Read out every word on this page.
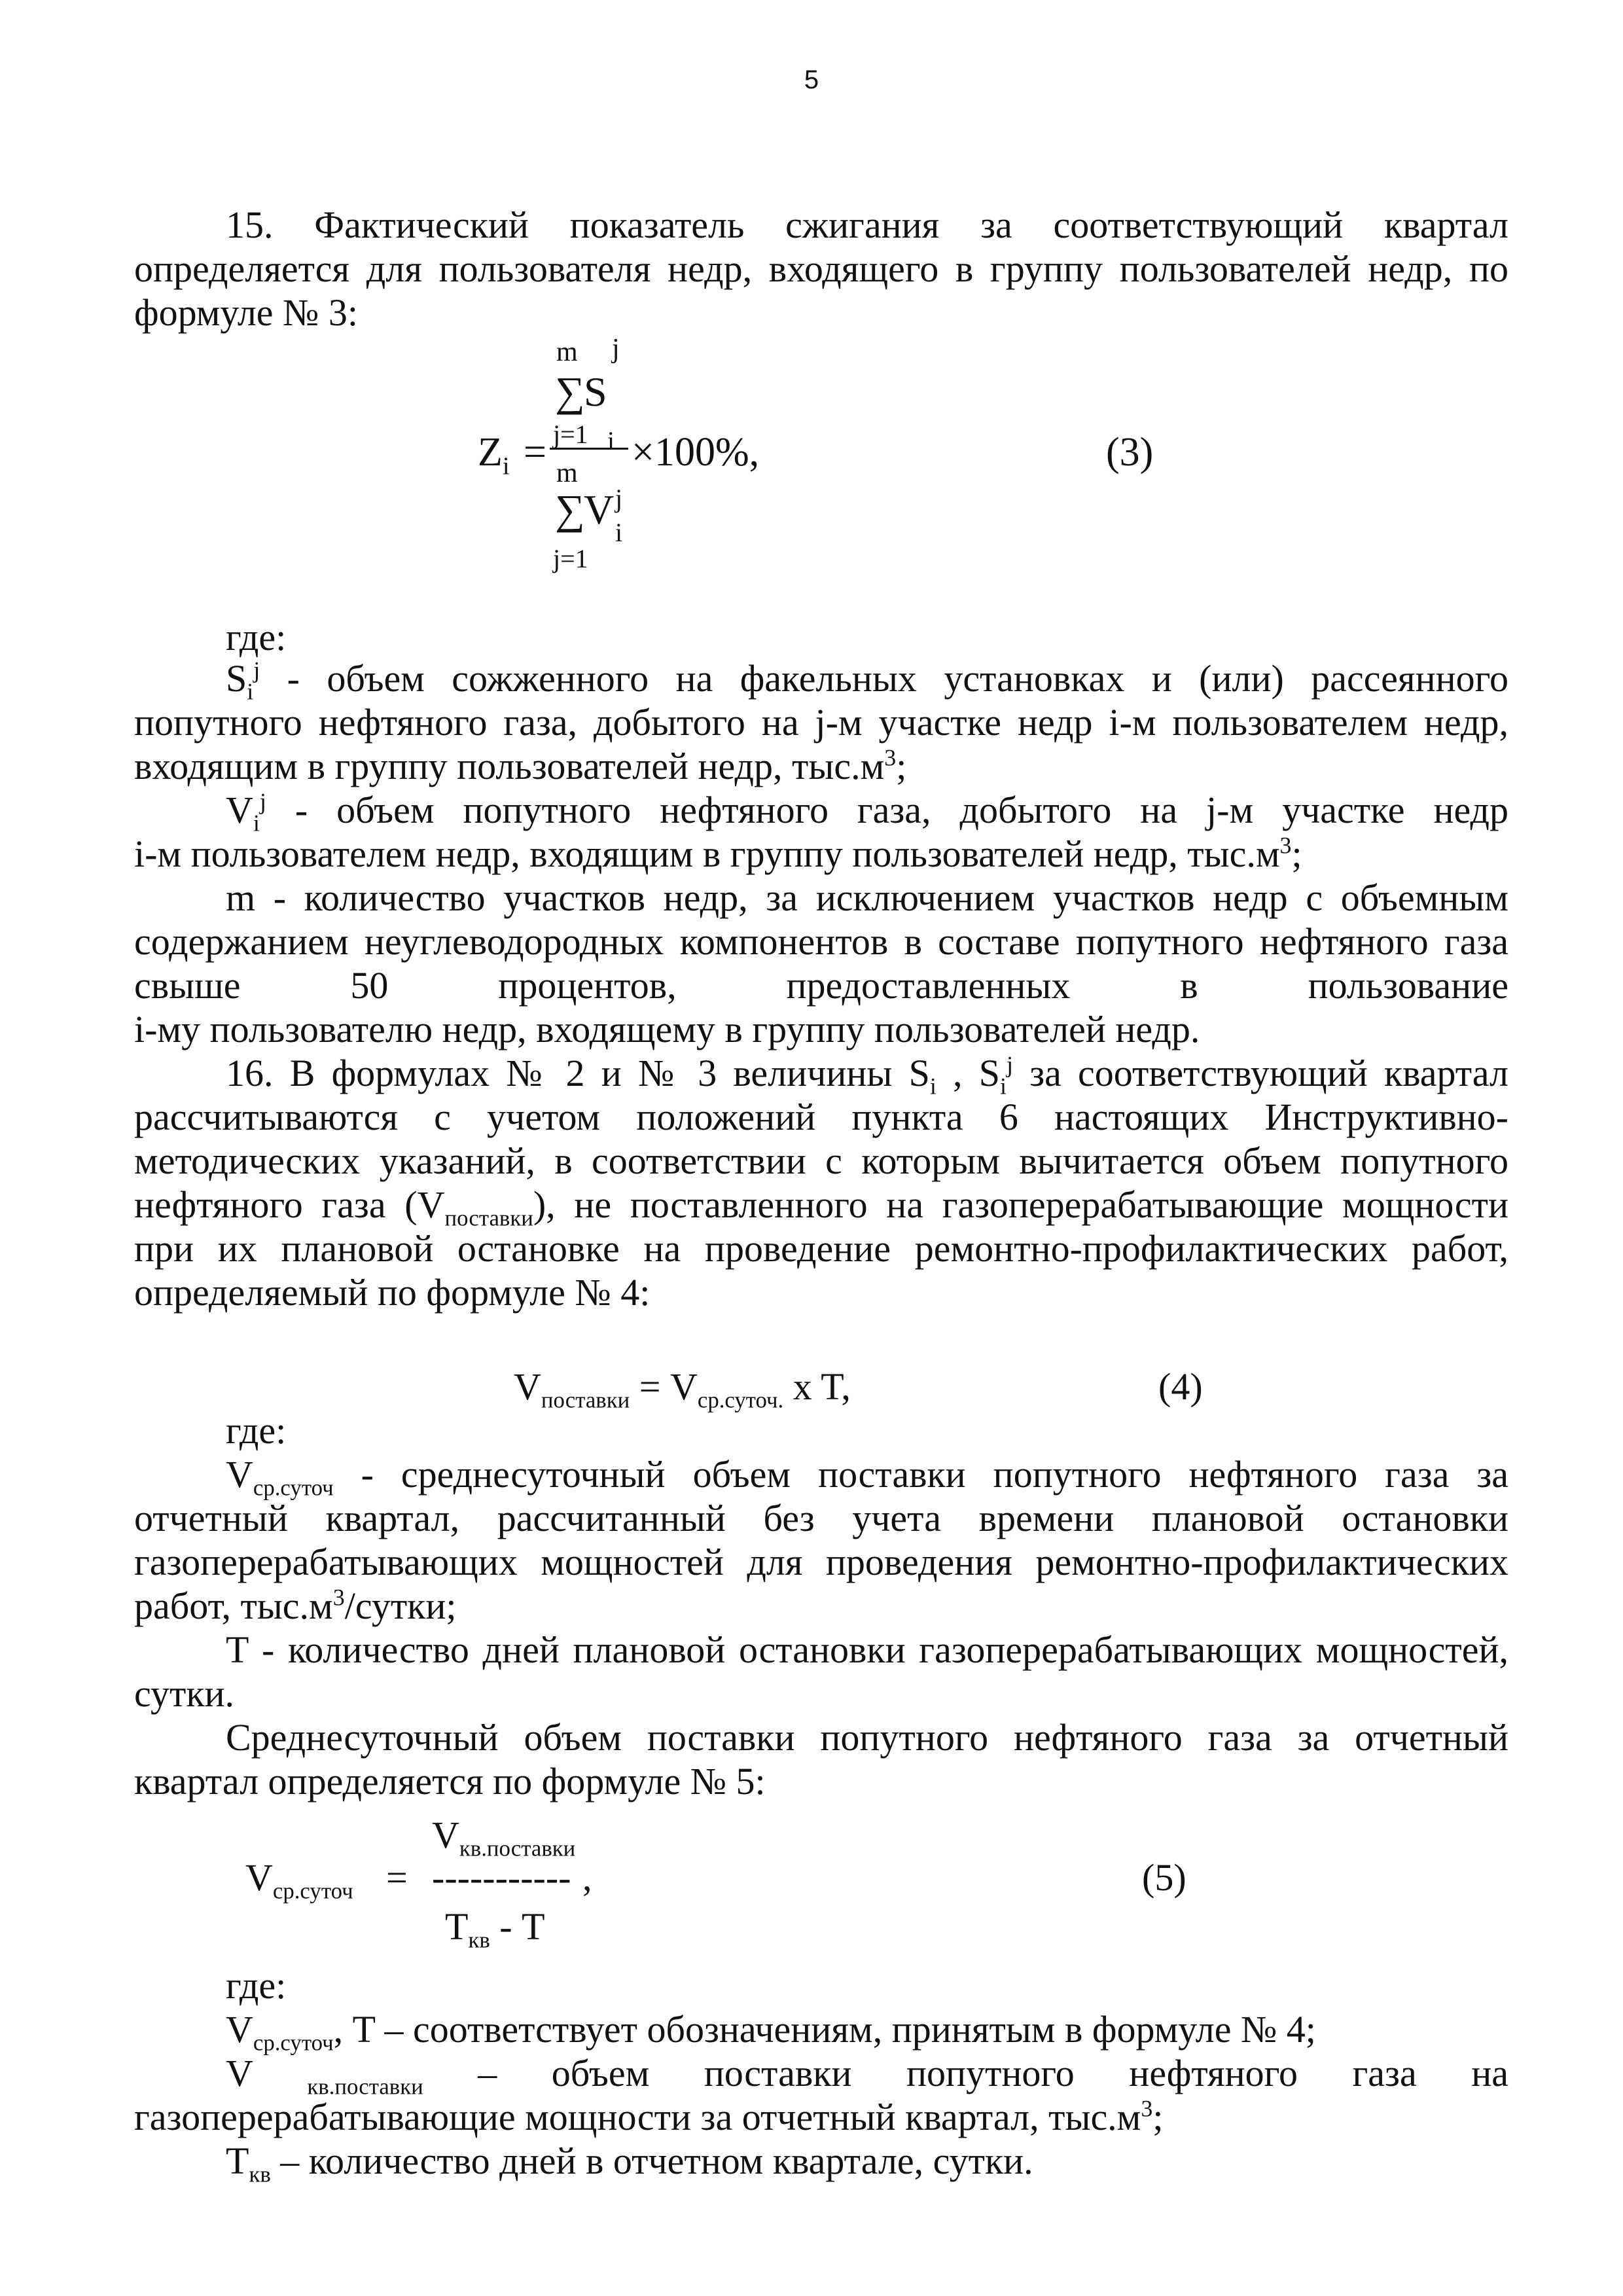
5
15. Фактический показатель сжигания за соответствующий квартал
определяется для пользователя недр, входящего в группу пользователей недр, по
формуле № 3:
m j
∑
S
j=1 i
$Z_i = \times 100\%$,
m
∑
V j
i
j=1
(3)
где:
$S_i^j$ - объем сожженного на факельных установках и (или) рассеянного
попутного нефтяного газа, добытого на j-м участке недр i-м пользователем недр,
входящим в группу пользователей недр, $тыс.м^3$;
$V_i^j$ - объем попутного нефтяного газа, добытого на j-м участке недр
i-м пользователем недр, входящим в группу пользователей недр, $тыс.м^3$;
m - количество участков недр, за исключением участков недр с объемным
содержанием неуглеводородных компонентов в составе попутного нефтяного газа
свыше 50 процентов, предоставленных в пользование
i-му пользователю недр, входящему в группу пользователей недр.
16. В формулах № 2 и № 3 величины $S_i$ , $S_i^j$ за соответствующий квартал
рассчитываются с учетом положений пункта 6 настоящих Инструктивно-
методических указаний, в соответствии с которым вычитается объем попутного
нефтяного газа $(V_{поставки})$, не поставленного на газоперерабатывающие мощности
при их плановой остановке на проведение ремонтно-профилактических работ,
определяемый по формуле № 4:
$V_{поставки} = V_{ср.суточ.}$ x T,	(4)
где:
$V_{ср.суточ}$ - среднесуточный объем поставки попутного нефтяного газа за
отчетный квартал, рассчитанный без учета времени плановой остановки
газоперерабатывающих мощностей для проведения ремонтно-профилактических
работ, $тыс.м^3$/сутки;
T - количество дней плановой остановки газоперерабатывающих мощностей,
сутки.
Среднесуточный объем поставки попутного нефтяного газа за отчетный
квартал определяется по формуле № 5:
$V_{кв.поставки}$
$V_{ср.суточ}$ = ----------- ,
$T_{кв}$ - T
(5)
где:
$V_{ср.суточ}$, T – соответствует обозначениям, принятым в формуле № 4;
V $_{кв.поставки}$ – объем поставки попутного нефтяного газа на
газоперерабатывающие мощности за отчетный квартал, $тыс.м^3$;
$T_{кв}$ – количество дней в отчетном квартале, сутки.
